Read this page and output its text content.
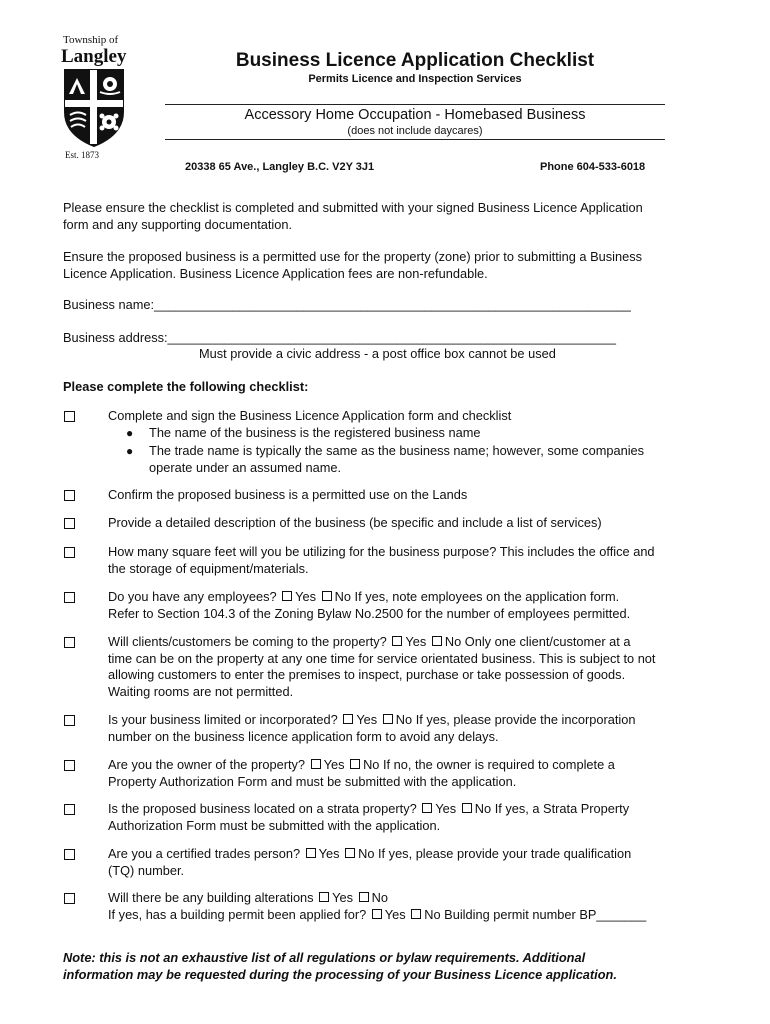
Township of
Langley
Est. 1873
Business Licence Application Checklist
Permits Licence and Inspection Services
Accessory Home Occupation - Homebased Business
(does not include daycares)
20338 65 Ave., Langley B.C. V2Y 3J1	Phone 604-533-6018
Please ensure the checklist is completed and submitted with your signed Business Licence Application
form and any supporting documentation.
Ensure the proposed business is a permitted use for the property (zone) prior to submitting a Business
Licence Application. Business Licence Application fees are non-refundable.
Business name:___________________________________________________________________
Business address:_______________________________________________________________
Must provide a civic address - a post office box cannot be used
Please complete the following checklist:
Complete and sign the Business Licence Application form and checklist
● The name of the business is the registered business name
● The trade name is typically the same as the business name; however, some companies
operate under an assumed name.
Confirm the proposed business is a permitted use on the Lands
Provide a detailed description of the business (be specific and include a list of services)
How many square feet will you be utilizing for the business purpose? This includes the office and
the storage of equipment/materials.
Do you have any employees? Yes No If yes, note employees on the application form.
Refer to Section 104.3 of the Zoning Bylaw No.2500 for the number of employees permitted.
Will clients/customers be coming to the property? Yes No Only one client/customer at a
time can be on the property at any one time for service orientated business. This is subject to not
allowing customers to enter the premises to inspect, purchase or take possession of goods.
Waiting rooms are not permitted.
Is your business limited or incorporated? Yes No If yes, please provide the incorporation
number on the business licence application form to avoid any delays.
Are you the owner of the property? Yes No If no, the owner is required to complete a
Property Authorization Form and must be submitted with the application.
Is the proposed business located on a strata property? Yes No If yes, a Strata Property
Authorization Form must be submitted with the application.
Are you a certified trades person? Yes No If yes, please provide your trade qualification
(TQ) number.
Will there be any building alterations Yes No
If yes, has a building permit been applied for? Yes No Building permit number BP_______
Note: this is not an exhaustive list of all regulations or bylaw requirements. Additional
information may be requested during the processing of your Business Licence application.
